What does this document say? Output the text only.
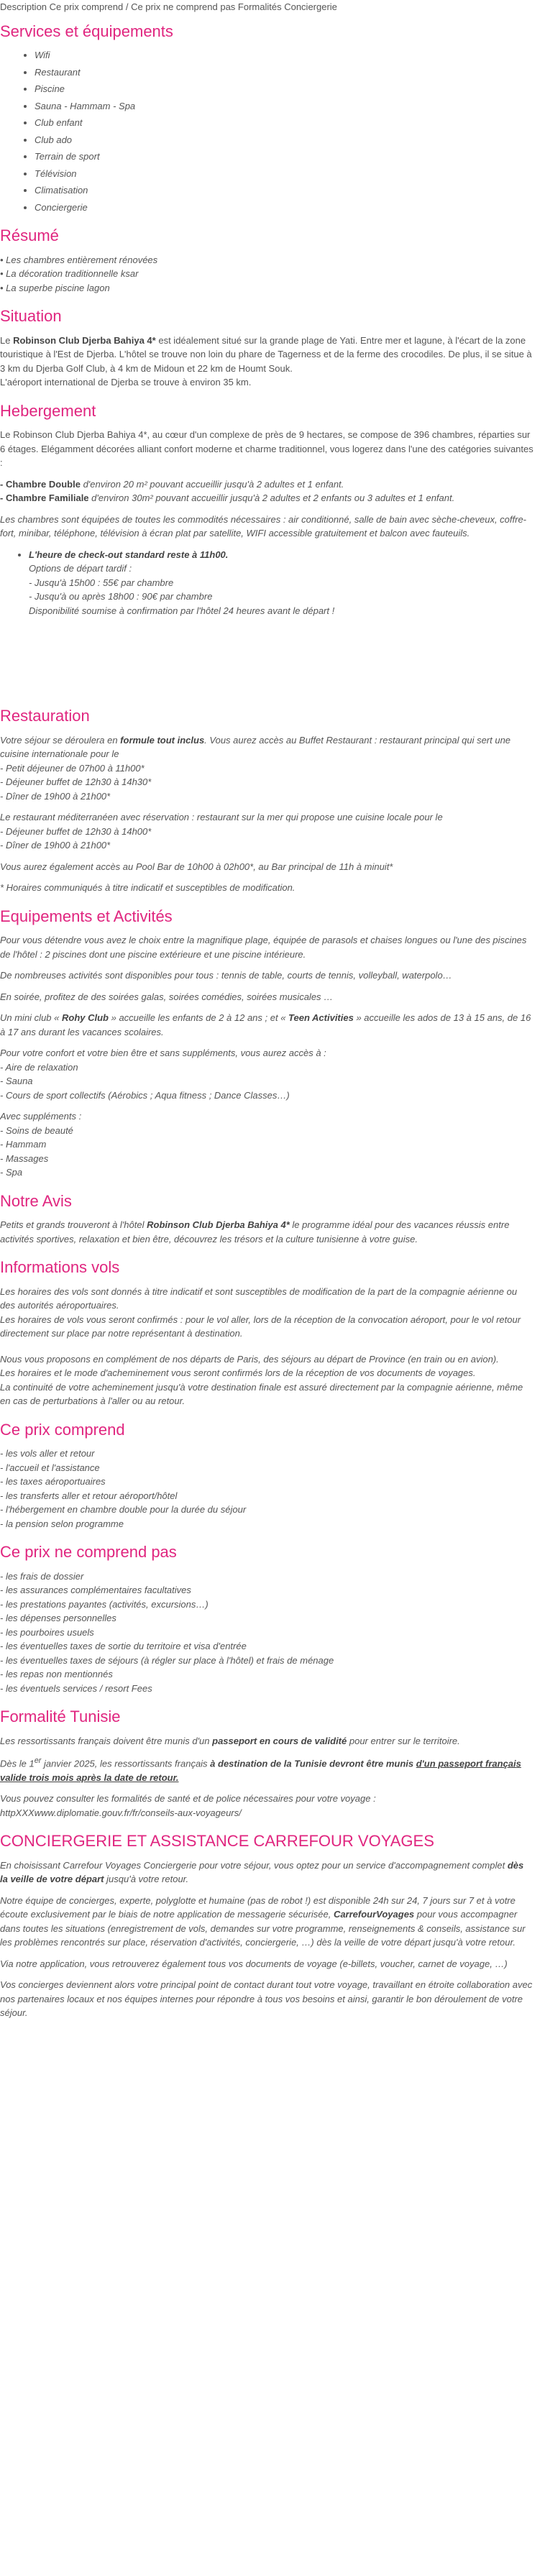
Description Ce prix comprend / Ce prix ne comprend pas Formalités Conciergerie

Services et équipements
• Wifi
• Restaurant
• Piscine
• Sauna - Hammam - Spa
• Club enfant
• Club ado
• Terrain de sport
• Télévision
• Climatisation
• Conciergerie
Résumé
• Les chambres entièrement rénovées
• La décoration traditionnelle ksar
• La superbe piscine lagon
Situation

Le Robinson Club Djerba Bahiya 4* est idéalement situé sur la grande plage de Yati. Entre mer et lagune, à l'écart de la zone touristique à l'Est de Djerba. L'hôtel se trouve non loin du phare de Tagerness et de la ferme des crocodiles. De plus, il se situe à 3 km du Djerba Golf Club, à 4 km de Midoun et 22 km de Houmt Souk.
L'aéroport international de Djerba se trouve à environ 35 km.

Hebergement

Le Robinson Club Djerba Bahiya 4*, au cœur d'un complexe de près de 9 hectares, se compose de 396 chambres, réparties sur 6 étages. Elégamment décorées alliant confort moderne et charme traditionnel, vous logerez dans l'une des catégories suivantes :

- Chambre Double d'environ 20 m² pouvant accueillir jusqu'à 2 adultes et 1 enfant.
- Chambre Familiale d'environ 30m² pouvant accueillir jusqu'à 2 adultes et 2 enfants ou 3 adultes et 1 enfant.

Les chambres sont équipées de toutes les commodités nécessaires : air conditionné, salle de bain avec sèche-cheveux, coffre-fort, minibar, téléphone, télévision à écran plat par satellite, WIFI accessible gratuitement et balcon avec fauteuils.

• L'heure de check-out standard reste à 11h00.
Options de départ tardif :
- Jusqu'à 15h00 : 55€ par chambre
- Jusqu'à ou après 18h00 : 90€ par chambre
Disponibilité soumise à confirmation par l'hôtel 24 heures avant le départ !
Restauration

Votre séjour se déroulera en formule tout inclus. Vous aurez accès au Buffet Restaurant : restaurant principal qui sert une cuisine internationale pour le

- Petit déjeuner de 07h00 à 11h00*
- Déjeuner buffet de 12h30 à 14h30*
- Dîner de 19h00 à 21h00*

Le restaurant méditerranéen avec réservation : restaurant sur la mer qui propose une cuisine locale pour le
- Déjeuner buffet de 12h30 à 14h00*
- Dîner de 19h00 à 21h00*

Vous aurez également accès au Pool Bar de 10h00 à 02h00*, au Bar principal de 11h à minuit*

* Horaires communiqués à titre indicatif et susceptibles de modification.

Equipements et Activités

Pour vous détendre vous avez le choix entre la magnifique plage, équipée de parasols et chaises longues ou l'une des piscines de l'hôtel : 2 piscines dont une piscine extérieure et une piscine intérieure.

De nombreuses activités sont disponibles pour tous : tennis de table, courts de tennis, volleyball, waterpolo…

En soirée, profitez de des soirées galas, soirées comédies, soirées musicales …

Un mini club « Rohy Club » accueille les enfants de 2 à 12 ans ; et « Teen Activities » accueille les ados de 13 à 15 ans, de 16 à 17 ans durant les vacances scolaires.

Pour votre confort et votre bien être et sans suppléments, vous aurez accès à :
- Aire de relaxation
- Sauna
- Cours de sport collectifs (Aérobics ; Aqua fitness ; Dance Classes…)

Avec suppléments :
- Soins de beauté
- Hammam
- Massages
- Spa

Notre Avis

Petits et grands trouveront à l'hôtel Robinson Club Djerba Bahiya 4* le programme idéal pour des vacances réussis entre activités sportives, relaxation et bien être, découvrez les trésors et la culture tunisienne à votre guise.

Informations vols

Les horaires des vols sont donnés à titre indicatif et sont susceptibles de modification de la part de la compagnie aérienne ou des autorités aéroportuaires.
Les horaires de vols vous seront confirmés : pour le vol aller, lors de la réception de la convocation aéroport, pour le vol retour directement sur place par notre représentant à destination.

Nous vous proposons en complément de nos départs de Paris, des séjours au départ de Province (en train ou en avion).
Les horaires et le mode d'acheminement vous seront confirmés lors de la réception de vos documents de voyages.
La continuité de votre acheminement jusqu'à votre destination finale est assuré directement par la compagnie aérienne, même en cas de perturbations à l'aller ou au retour.

Ce prix comprend

- les vols aller et retour
- l'accueil et l'assistance
- les taxes aéroportuaires
- les transferts aller et retour aéroport/hôtel
- l'hébergement en chambre double pour la durée du séjour
- la pension selon programme

Ce prix ne comprend pas

- les frais de dossier
- les assurances complémentaires facultatives
- les prestations payantes (activités, excursions…)
- les dépenses personnelles
- les pourboires usuels
- les éventuelles taxes de sortie du territoire et visa d'entrée
- les éventuelles taxes de séjours (à régler sur place à l'hôtel) et frais de ménage
- les repas non mentionnés
- les éventuels services / resort Fees

Formalité Tunisie

Les ressortissants français doivent être munis d'un passeport en cours de validité pour entrer sur le territoire.

Dès le 1er janvier 2025, les ressortissants français à destination de la Tunisie devront être munis d'un passeport français valide trois mois après la date de retour.

Vous pouvez consulter les formalités de santé et de police nécessaires pour votre voyage :
httpXXXwww.diplomatie.gouv.fr/fr/conseils-aux-voyageurs/

CONCIERGERIE ET ASSISTANCE CARREFOUR VOYAGES

En choisissant Carrefour Voyages Conciergerie pour votre séjour, vous optez pour un service d'accompagnement complet dès la veille de votre départ jusqu'à votre retour.

Notre équipe de concierges, experte, polyglotte et humaine (pas de robot !) est disponible 24h sur 24, 7 jours sur 7 et à votre écoute exclusivement par le biais de notre application de messagerie sécurisée, CarrefourVoyages pour vous accompagner dans toutes les situations (enregistrement de vols, demandes sur votre programme, renseignements & conseils, assistance sur les problèmes rencontrés sur place, réservation d'activités, conciergerie, …) dès la veille de votre départ jusqu'à votre retour.

Via notre application, vous retrouverez également tous vos documents de voyage (e-billets, voucher, carnet de voyage, …)

Vos concierges deviennent alors votre principal point de contact durant tout votre voyage, travaillant en étroite collaboration avec nos partenaires locaux et nos équipes internes pour répondre à tous vos besoins et ainsi, garantir le bon déroulement de votre séjour.
